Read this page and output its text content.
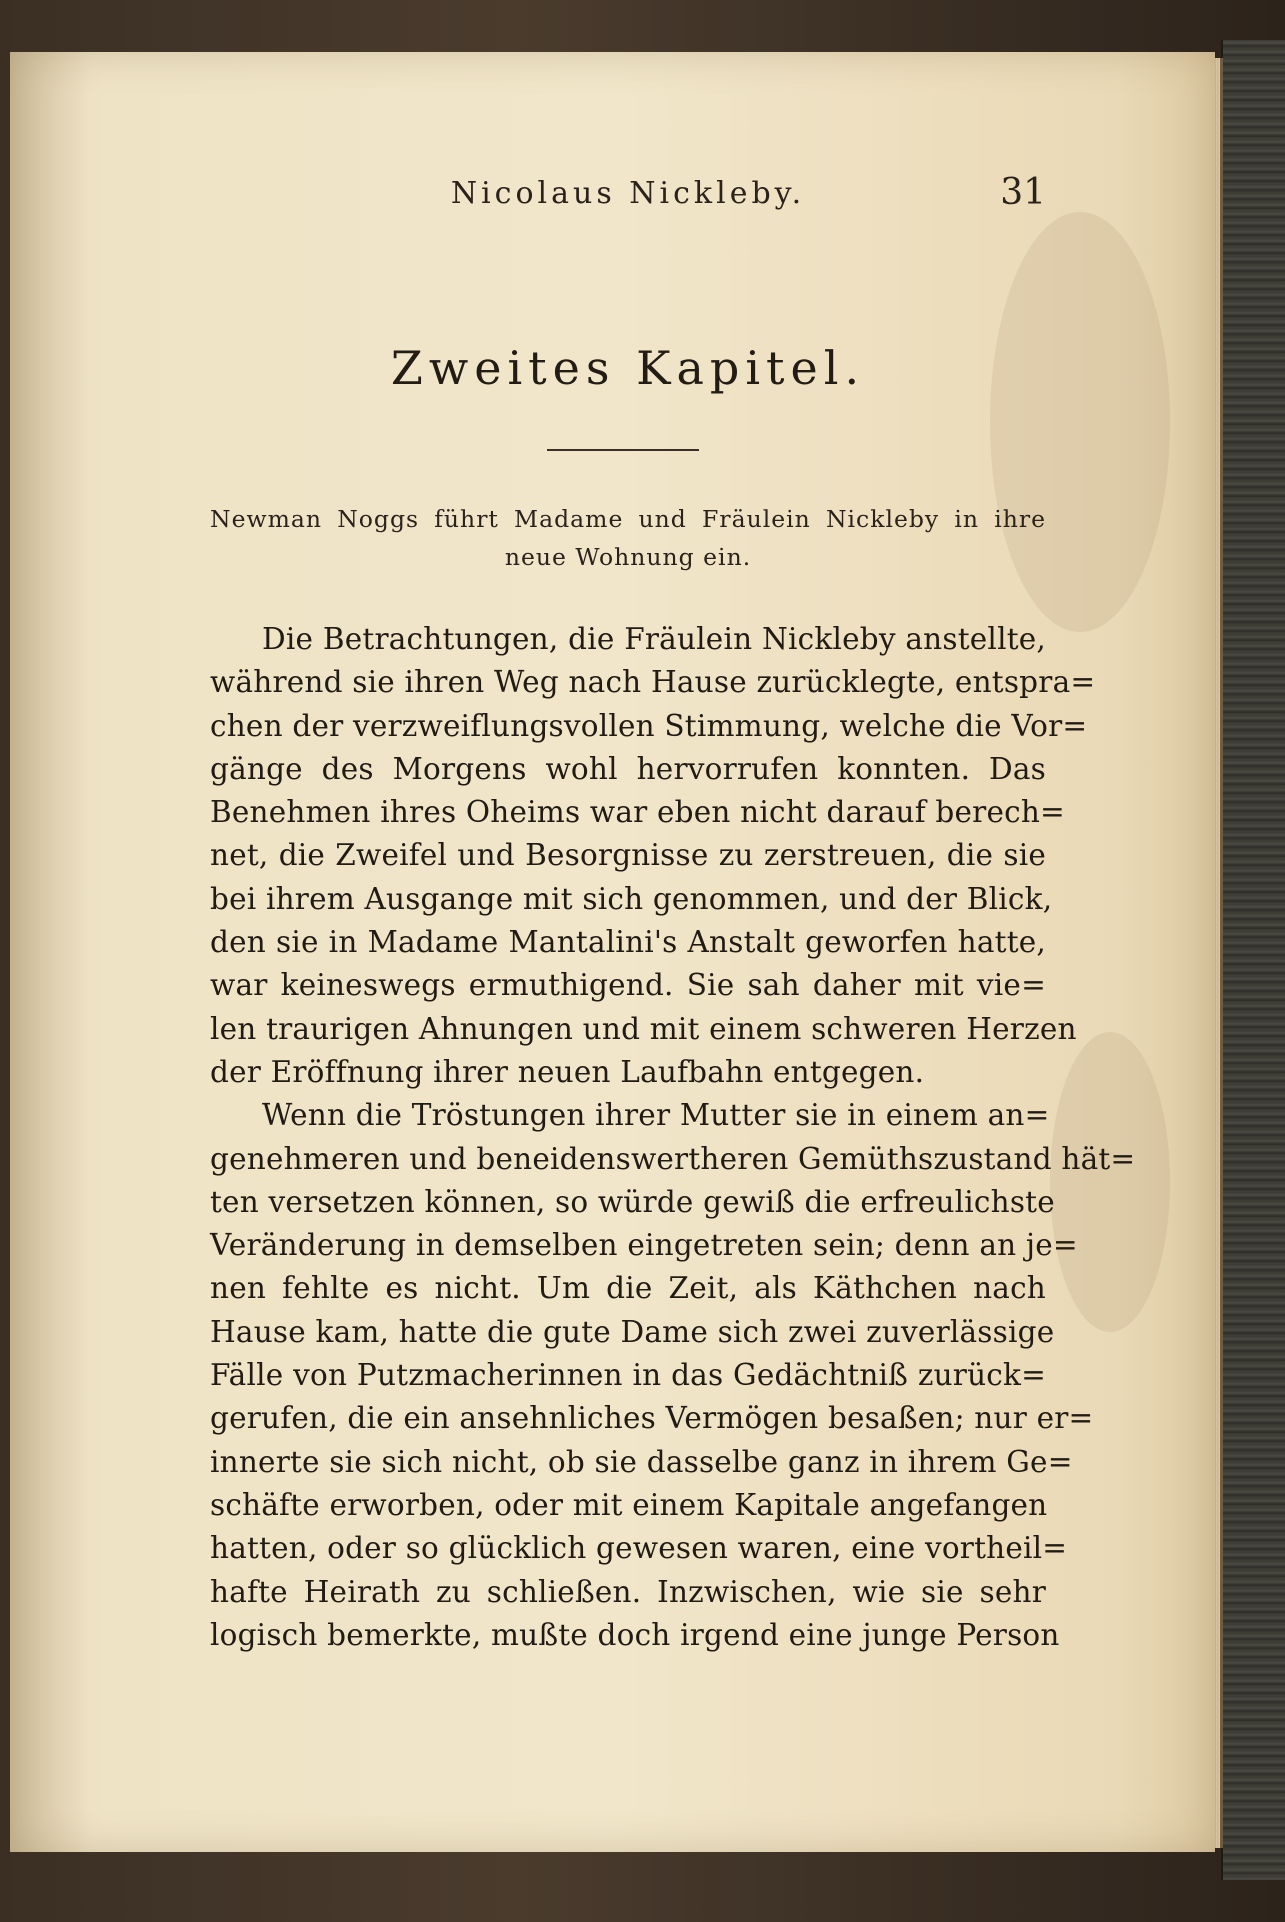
Nicolaus Nickleby.	31
Zweites Kapitel.
Newman Noggs führt Madame und Fräulein Nickleby in ihre neue Wohnung ein.
Die Betrachtungen, die Fräulein Nickleby anstellte,
während sie ihren Weg nach Hause zurücklegte, entspra=
chen der verzweiflungsvollen Stimmung, welche die Vor=
gänge des Morgens wohl hervorrufen konnten. Das
Benehmen ihres Oheims war eben nicht darauf berech=
net, die Zweifel und Besorgnisse zu zerstreuen, die sie
bei ihrem Ausgange mit sich genommen, und der Blick,
den sie in Madame Mantalini's Anstalt geworfen hatte,
war keineswegs ermuthigend. Sie sah daher mit vie=
len traurigen Ahnungen und mit einem schweren Herzen
der Eröffnung ihrer neuen Laufbahn entgegen.
Wenn die Tröstungen ihrer Mutter sie in einem an=
genehmeren und beneidenswertheren Gemüthszustand hät=
ten versetzen können, so würde gewiß die erfreulichste
Veränderung in demselben eingetreten sein; denn an je=
nen fehlte es nicht. Um die Zeit, als Käthchen nach
Hause kam, hatte die gute Dame sich zwei zuverlässige
Fälle von Putzmacherinnen in das Gedächtniß zurück=
gerufen, die ein ansehnliches Vermögen besaßen; nur er=
innerte sie sich nicht, ob sie dasselbe ganz in ihrem Ge=
schäfte erworben, oder mit einem Kapitale angefangen
hatten, oder so glücklich gewesen waren, eine vortheil=
hafte Heirath zu schließen. Inzwischen, wie sie sehr
logisch bemerkte, mußte doch irgend eine junge Person
